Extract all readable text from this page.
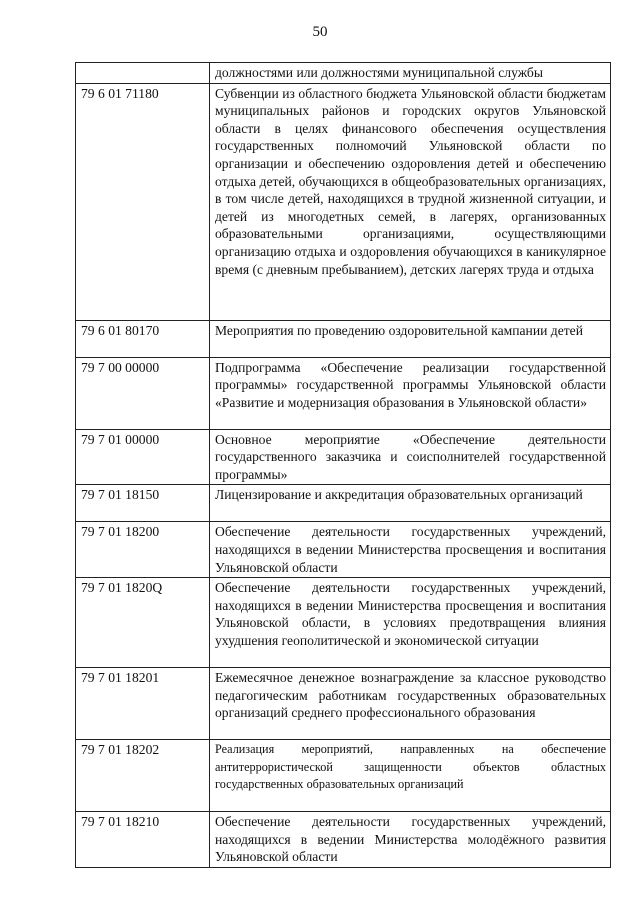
50
	должностями или должностями муниципальной службы
79 6 01 71180	Субвенции из областного бюджета Ульяновской области бюджетам муниципальных районов и городских округов Ульяновской области в целях финансового обеспечения осуществления государственных полномочий Ульяновской области по организации и обеспечению оздоровления детей и обеспечению отдыха детей, обучающихся в общеобразовательных организациях, в том числе детей, находящихся в трудной жизненной ситуации, и детей из многодетных семей, в лагерях, организованных образовательными организациями, осуществляющими организацию отдыха и оздоровления обучающихся в каникулярное время (с дневным пребыванием), детских лагерях труда и отдыха
79 6 01 80170	Мероприятия по проведению оздоровительной кампании детей
79 7 00 00000	Подпрограмма «Обеспечение реализации государственной программы» государственной программы Ульяновской области «Развитие и модернизация образования в Ульяновской области»
79 7 01 00000	Основное мероприятие «Обеспечение деятельности государственного заказчика и соисполнителей государственной программы»
79 7 01 18150	Лицензирование и аккредитация образовательных организаций
79 7 01 18200	Обеспечение деятельности государственных учреждений, находящихся в ведении Министерства просвещения и воспитания Ульяновской области
79 7 01 1820Q	Обеспечение деятельности государственных учреждений, находящихся в ведении Министерства просвещения и воспитания Ульяновской области, в условиях предотвращения влияния ухудшения геополитической и экономической ситуации
79 7 01 18201	Ежемесячное денежное вознаграждение за классное руководство педагогическим работникам государственных образовательных организаций среднего профессионального образования
79 7 01 18202	Реализация мероприятий, направленных на обеспечение антитеррористической защищенности объектов областных государственных образовательных организаций
79 7 01 18210	Обеспечение деятельности государственных учреждений, находящихся в ведении Министерства молодёжного развития Ульяновской области
